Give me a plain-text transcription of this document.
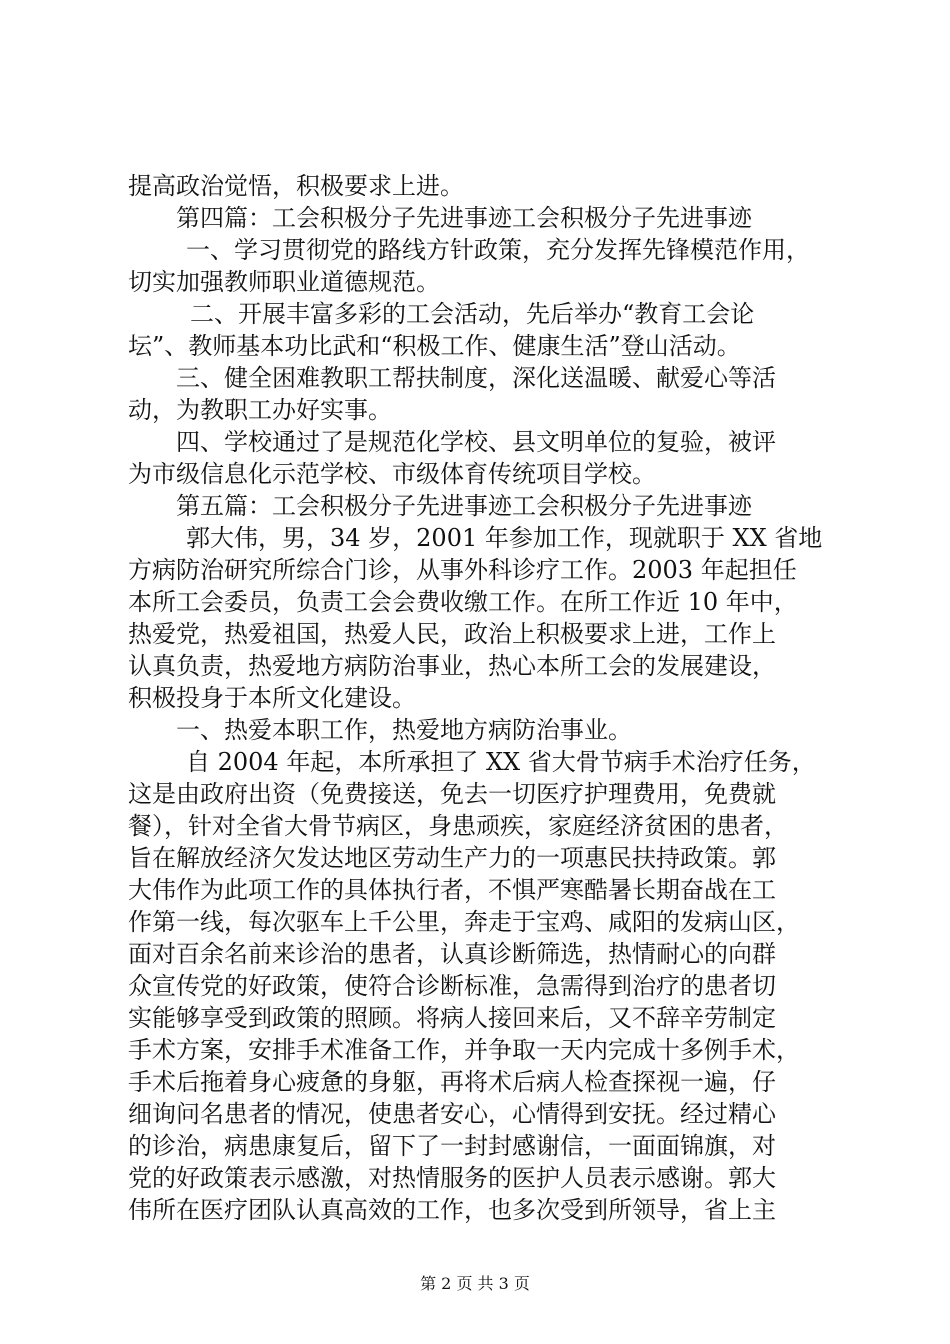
提高政治觉悟，积极要求上进。
第四篇：工会积极分子先进事迹工会积极分子先进事迹
一、学习贯彻党的路线方针政策，充分发挥先锋模范作用，
切实加强教师职业道德规范。
二、开展丰富多彩的工会活动，先后举办“教育工会论
坛”、教师基本功比武和“积极工作、健康生活”登山活动。
三、健全困难教职工帮扶制度，深化送温暖、献爱心等活
动，为教职工办好实事。
四、学校通过了是规范化学校、县文明单位的复验，被评
为市级信息化示范学校、市级体育传统项目学校。
第五篇：工会积极分子先进事迹工会积极分子先进事迹
郭大伟，男，34 岁，2001 年参加工作，现就职于 XX 省地
方病防治研究所综合门诊，从事外科诊疗工作。2003 年起担任
本所工会委员，负责工会会费收缴工作。在所工作近 10 年中，
热爱党，热爱祖国，热爱人民，政治上积极要求上进，工作上
认真负责，热爱地方病防治事业，热心本所工会的发展建设，
积极投身于本所文化建设。
一、热爱本职工作，热爱地方病防治事业。
自 2004 年起，本所承担了 XX 省大骨节病手术治疗任务，
这是由政府出资（免费接送，免去一切医疗护理费用，免费就
餐），针对全省大骨节病区，身患顽疾，家庭经济贫困的患者，
旨在解放经济欠发达地区劳动生产力的一项惠民扶持政策。郭
大伟作为此项工作的具体执行者，不惧严寒酷暑长期奋战在工
作第一线，每次驱车上千公里，奔走于宝鸡、咸阳的发病山区，
面对百余名前来诊治的患者，认真诊断筛选，热情耐心的向群
众宣传党的好政策，使符合诊断标准，急需得到治疗的患者切
实能够享受到政策的照顾。将病人接回来后，又不辞辛劳制定
手术方案，安排手术准备工作，并争取一天内完成十多例手术，
手术后拖着身心疲惫的身躯，再将术后病人检查探视一遍，仔
细询问名患者的情况，使患者安心，心情得到安抚。经过精心
的诊治，病患康复后，留下了一封封感谢信，一面面锦旗，对
党的好政策表示感激，对热情服务的医护人员表示感谢。郭大
伟所在医疗团队认真高效的工作，也多次受到所领导，省上主
第 2 页 共 3 页
